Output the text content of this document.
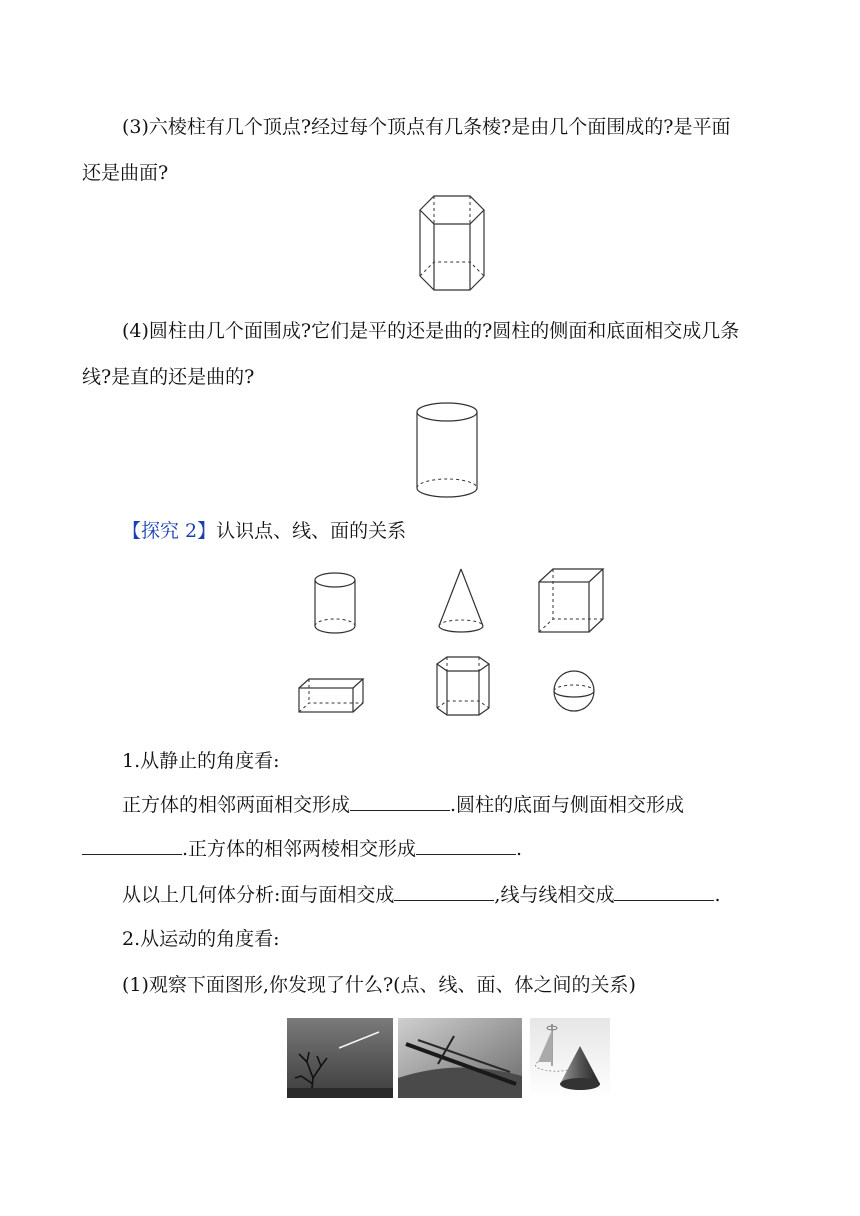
(3)六棱柱有几个顶点?经过每个顶点有几条棱?是由几个面围成的?是平面
还是曲面?
(4)圆柱由几个面围成?它们是平的还是曲的?圆柱的侧面和底面相交成几条
线?是直的还是曲的?
【探究 2】认识点、线、面的关系
1.从静止的角度看:
正方体的相邻两面相交形成	.圆柱的底面与侧面相交形成
.正方体的相邻两棱相交形成	.
从以上几何体分析:面与面相交成	,线与线相交成	.
2.从运动的角度看:
(1)观察下面图形,你发现了什么?(点、线、面、体之间的关系)
